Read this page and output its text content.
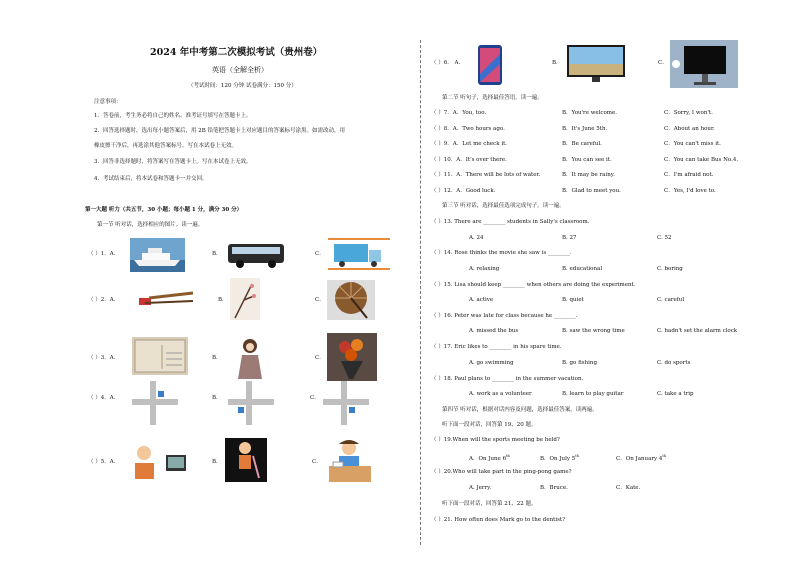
2024 年中考第二次模拟考试（贵州卷）
英语（全解全析）
（考试时间：120 分钟 试卷满分：150 分）
注意事项：
1．答卷前，考生务必将自己的姓名、准考证号填写在答题卡上。
2．回答选择题时，选出每小题答案后，用 2B 铅笔把答题卡上对应题目的答案标号涂黑。如需改动，用
橡皮擦干净后，再选涂其他答案标号。写在本试卷上无效。
3．回答非选择题时，将答案写在答题卡上。写在本试卷上无效。
4．考试结束后，将本试卷和答题卡一并交回。
第一大题 听力（共五节，30 小题；每小题 1 分，满分 30 分）
第一节 听对话，选择相应的图片。读一遍。
（ ）1．A．	B．	C．
（ ）2．A．	B．	C．
（ ）3．A．	B．	C．
（ ）4．A．	B．	C．
（ ）5．A．	B．	C．
（ ）6． A．	B．	C．
第二节 听句子，选择最佳答语。读一遍。
（ ）7．A．You, too.	B．You're welcome.	C．Sorry, I won't.
（ ）8．A．Two hours ago.	B．It's June 5th.	C．About an hour.
（ ）9．A．Let me check it.	B．Be careful.	C．You can't miss it.
（ ）10．A．It's over there.	B．You can see it.	C．You can take Bus No.4.
（ ）11．A．There will be lots of water.	B．It may be rainy.	C．I'm afraid not.
（ ）12．A．Good luck.	B．Glad to meet you.	C．Yes, I'd love to.
第三节 听对话，选择最佳选项完成句子。读一遍。
（ ）13. There are ________ students in Sally's classroom.
A. 24	B. 27	C. 52
（ ）14. Rose thinks the movie she saw is ________.
A. relaxing	B. educational	C. boring
（ ）15. Lisa should keep ________ when others are doing the experiment.
A. active	B. quiet	C. careful
（ ）16. Peter was late for class because he ________.
A. missed the bus	B. saw the wrong time	C. hadn't set the alarm clock
（ ）17. Eric likes to ________ in his spare time.
A. go swimming	B. go fishing	C. do sports
（ ）18. Paul plans to ________ in the summer vacation.
A. work as a volunteer	B. learn to play guitar	C. take a trip
第四节 听对话，根据对话内容及问题，选择最佳答案。读两遍。
听下面一段对话，回答第 19、20 题。
（ ）19.When will the sports meeting be held?
A．On June 6th	B．On July 5th	C．On January 4th
（ ）20.Who will take part in the ping-pong game?
A. Jerry.	B．Bruce.	C．Kate.
听下面一段对话，回答第 21、22 题。
（ ）21. How often does Mark go to the dentist?
